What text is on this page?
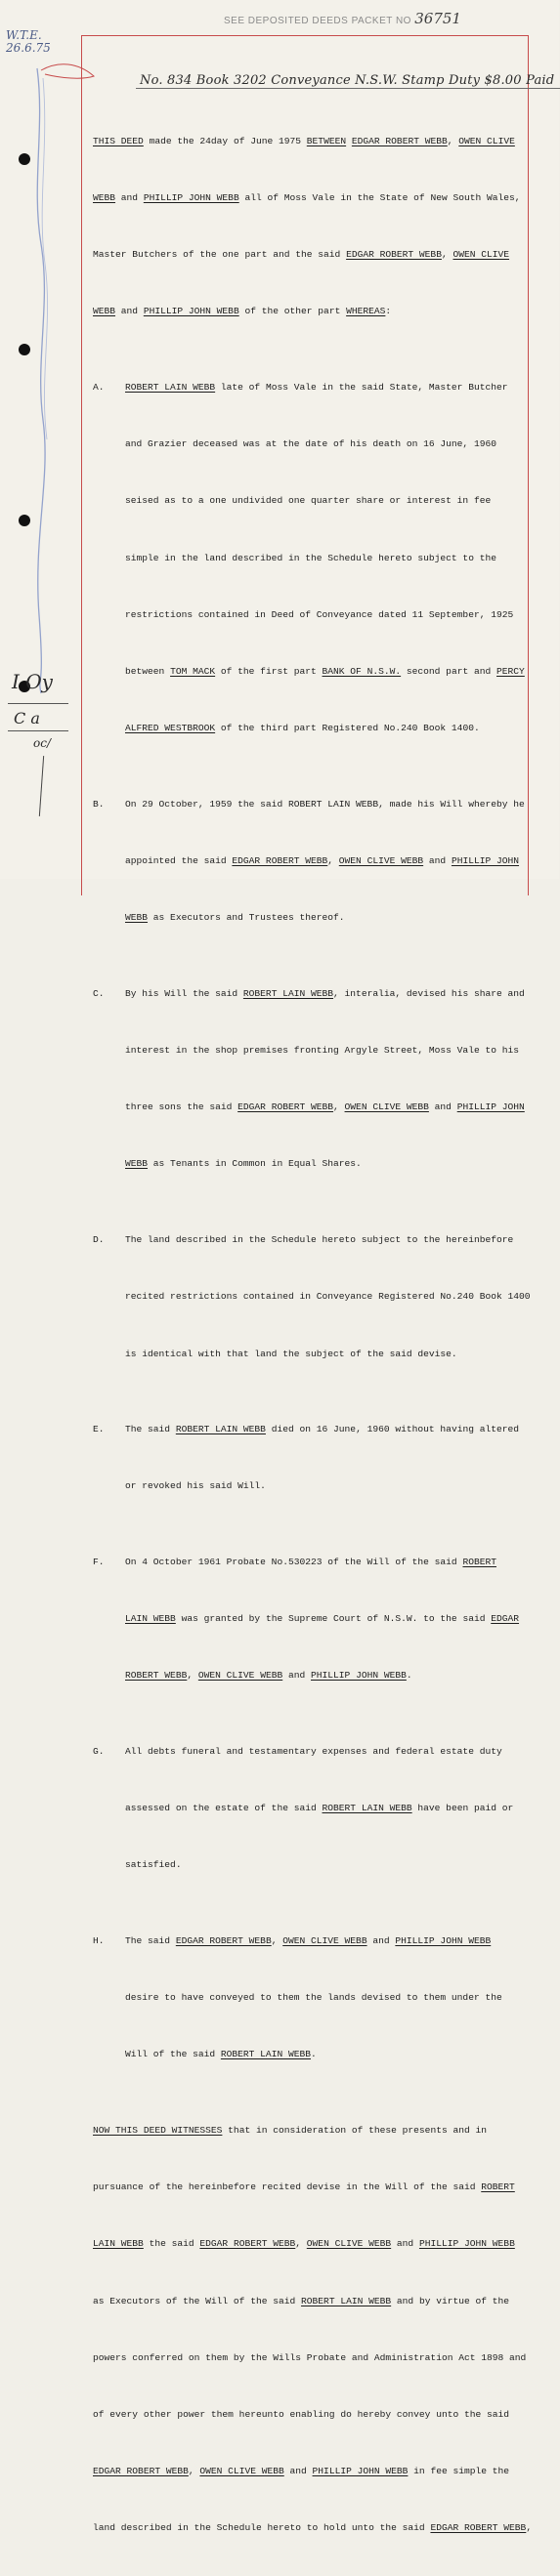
SEE DEPOSITED DEEDS PACKET NO 36751
W.T.E.
26.6.75
No. 834 Book 3202 Conveyance N.S.W. Stamp Duty $8.00 Paid

THIS DEED made the 24day of June 1975 BETWEEN EDGAR ROBERT WEBB, OWEN CLIVE

WEBB and PHILLIP JOHN WEBB all of Moss Vale in the State of New South Wales,

Master Butchers of the one part and the said EDGAR ROBERT WEBB, OWEN CLIVE

WEBB and PHILLIP JOHN WEBB of the other part WHEREAS:

A. ROBERT LAIN WEBB late of Moss Vale in the said State, Master Butcher

and Grazier deceased was at the date of his death on 16 June, 1960

seised as to a one undivided one quarter share or interest in fee

simple in the land described in the Schedule hereto subject to the

restrictions contained in Deed of Conveyance dated 11 September, 1925

between TOM MACK of the first part BANK OF N.S.W. second part and PERCY

ALFRED WESTBROOK of the third part Registered No.240 Book 1400.

B. On 29 October, 1959 the said ROBERT LAIN WEBB, made his Will whereby he

appointed the said EDGAR ROBERT WEBB, OWEN CLIVE WEBB and PHILLIP JOHN

WEBB as Executors and Trustees thereof.

C. By his Will the said ROBERT LAIN WEBB, interalia, devised his share and

interest in the shop premises fronting Argyle Street, Moss Vale to his

three sons the said EDGAR ROBERT WEBB, OWEN CLIVE WEBB and PHILLIP JOHN

WEBB as Tenants in Common in Equal Shares.

D. The land described in the Schedule hereto subject to the hereinbefore

recited restrictions contained in Conveyance Registered No.240 Book 1400

is identical with that land the subject of the said devise.

E. The said ROBERT LAIN WEBB died on 16 June, 1960 without having altered

or revoked his said Will.

F. On 4 October 1961 Probate No.530223 of the Will of the said ROBERT

LAIN WEBB was granted by the Supreme Court of N.S.W. to the said EDGAR

ROBERT WEBB, OWEN CLIVE WEBB and PHILLIP JOHN WEBB.

G. All debts funeral and testamentary expenses and federal estate duty

assessed on the estate of the said ROBERT LAIN WEBB have been paid or

satisfied.

H. The said EDGAR ROBERT WEBB, OWEN CLIVE WEBB and PHILLIP JOHN WEBB

desire to have conveyed to them the lands devised to them under the

Will of the said ROBERT LAIN WEBB.

NOW THIS DEED WITNESSES that in consideration of these presents and in

pursuance of the hereinbefore recited devise in the Will of the said ROBERT

LAIN WEBB the said EDGAR ROBERT WEBB, OWEN CLIVE WEBB and PHILLIP JOHN WEBB

as Executors of the Will of the said ROBERT LAIN WEBB and by virtue of the

powers conferred on them by the Wills Probate and Administration Act 1898 and

of every other power them hereunto enabling do hereby convey unto the said

EDGAR ROBERT WEBB, OWEN CLIVE WEBB and PHILLIP JOHN WEBB in fee simple the

land described in the Schedule hereto to hold unto the said EDGAR ROBERT WEBB,

I Oy
C a
oc/
